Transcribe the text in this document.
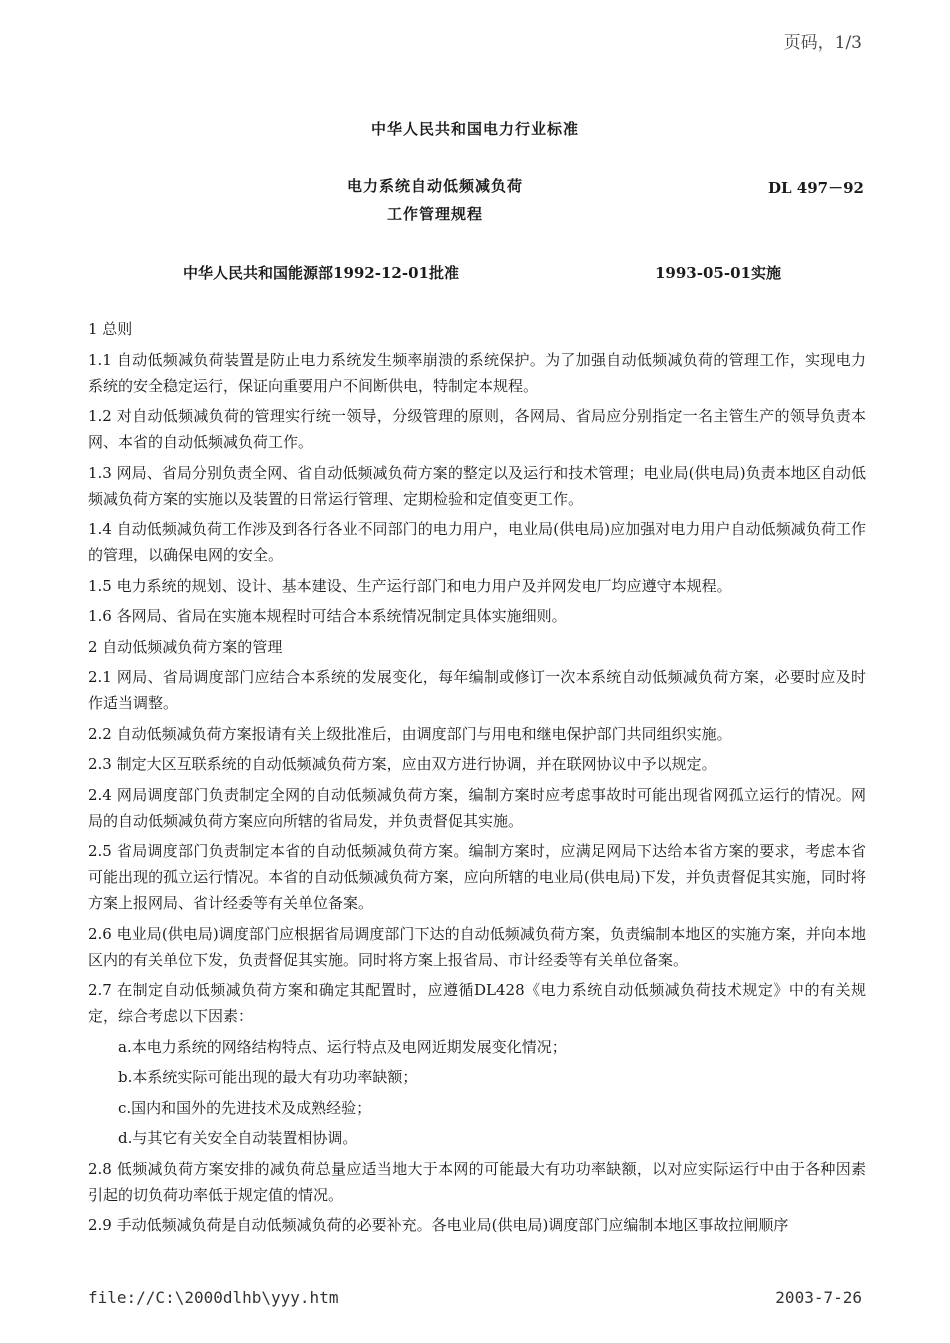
页码，1/3
中华人民共和国电力行业标准
电力系统自动低频减负荷
工作管理规程
DL 497－92
中华人民共和国能源部1992-12-01批准	1993-05-01实施

1 总则

1.1 自动低频减负荷装置是防止电力系统发生频率崩溃的系统保护。为了加强自动低频减负荷的管理工作，实现电力系统的安全稳定运行，保证向重要用户不间断供电，特制定本规程。

1.2 对自动低频减负荷的管理实行统一领导，分级管理的原则，各网局、省局应分别指定一名主管生产的领导负责本网、本省的自动低频减负荷工作。

1.3 网局、省局分别负责全网、省自动低频减负荷方案的整定以及运行和技术管理；电业局(供电局)负责本地区自动低频减负荷方案的实施以及装置的日常运行管理、定期检验和定值变更工作。

1.4 自动低频减负荷工作涉及到各行各业不同部门的电力用户，电业局(供电局)应加强对电力用户自动低频减负荷工作的管理，以确保电网的安全。

1.5 电力系统的规划、设计、基本建设、生产运行部门和电力用户及并网发电厂均应遵守本规程。

1.6 各网局、省局在实施本规程时可结合本系统情况制定具体实施细则。

2 自动低频减负荷方案的管理

2.1 网局、省局调度部门应结合本系统的发展变化，每年编制或修订一次本系统自动低频减负荷方案，必要时应及时作适当调整。

2.2 自动低频减负荷方案报请有关上级批准后，由调度部门与用电和继电保护部门共同组织实施。

2.3 制定大区互联系统的自动低频减负荷方案，应由双方进行协调，并在联网协议中予以规定。

2.4 网局调度部门负责制定全网的自动低频减负荷方案，编制方案时应考虑事故时可能出现省网孤立运行的情况。网局的自动低频减负荷方案应向所辖的省局发，并负责督促其实施。

2.5 省局调度部门负责制定本省的自动低频减负荷方案。编制方案时，应满足网局下达给本省方案的要求，考虑本省可能出现的孤立运行情况。本省的自动低频减负荷方案，应向所辖的电业局(供电局)下发，并负责督促其实施，同时将方案上报网局、省计经委等有关单位备案。

2.6 电业局(供电局)调度部门应根据省局调度部门下达的自动低频减负荷方案，负责编制本地区的实施方案，并向本地区内的有关单位下发，负责督促其实施。同时将方案上报省局、市计经委等有关单位备案。

2.7 在制定自动低频减负荷方案和确定其配置时，应遵循DL428《电力系统自动低频减负荷技术规定》中的有关规定，综合考虑以下因素：

a.本电力系统的网络结构特点、运行特点及电网近期发展变化情况；

b.本系统实际可能出现的最大有功功率缺额；

c.国内和国外的先进技术及成熟经验；

d.与其它有关安全自动装置相协调。

2.8 低频减负荷方案安排的减负荷总量应适当地大于本网的可能最大有功功率缺额，以对应实际运行中由于各种因素引起的切负荷功率低于规定值的情况。

2.9 手动低频减负荷是自动低频减负荷的必要补充。各电业局(供电局)调度部门应编制本地区事故拉闸顺序

file://C:\2000dlhb\yyy.htm	2003-7-26
